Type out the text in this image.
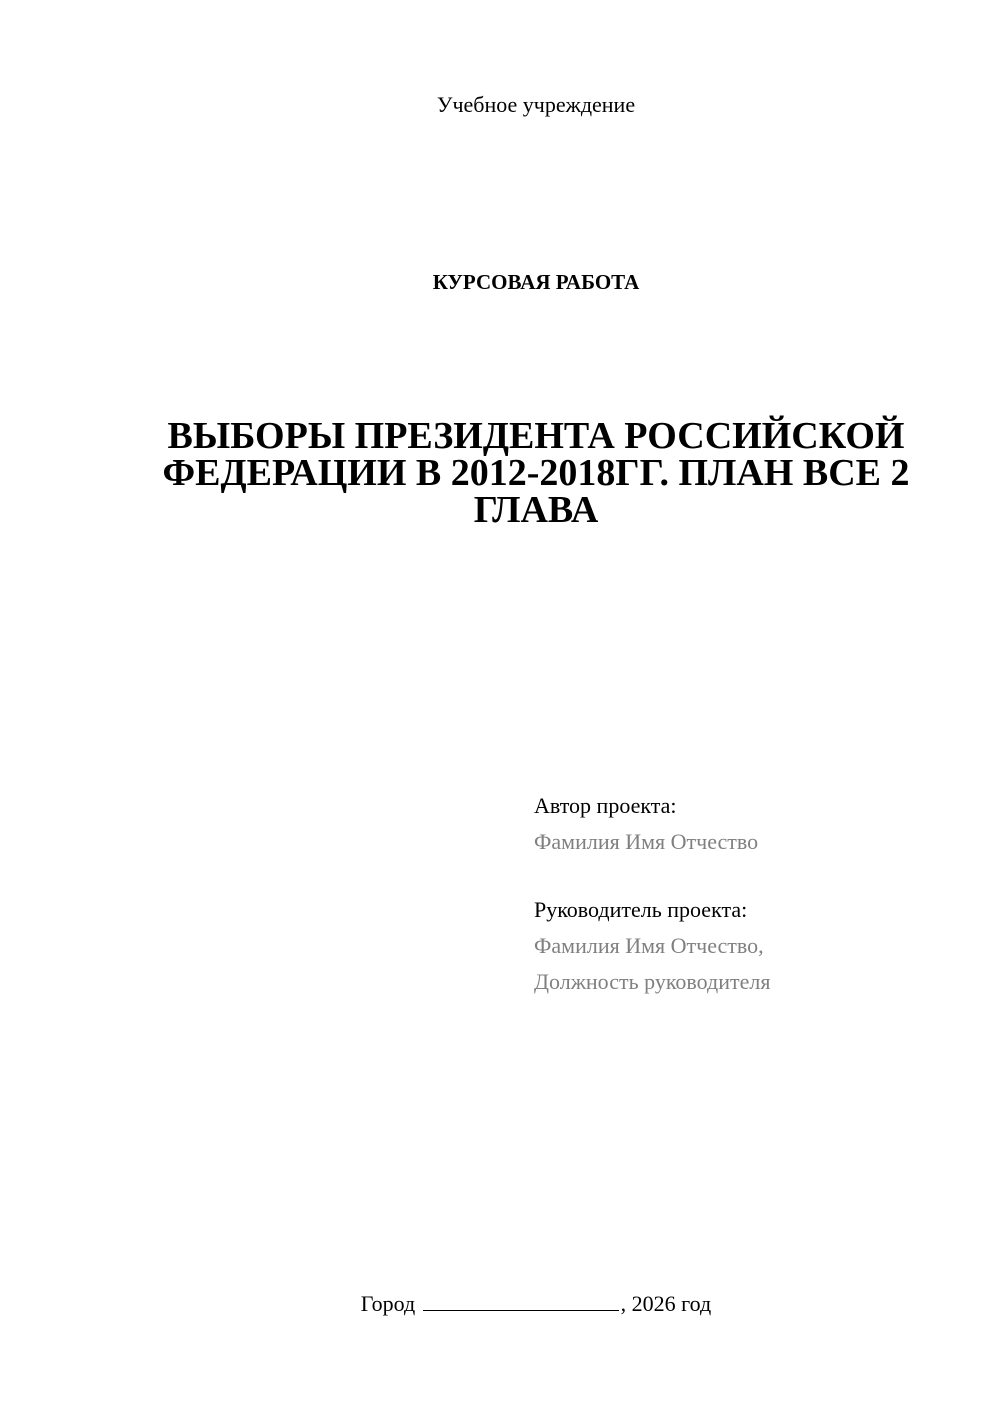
Учебное учреждение
КУРСОВАЯ РАБОТА
ВЫБОРЫ ПРЕЗИДЕНТА РОССИЙСКОЙ ФЕДЕРАЦИИ В 2012-2018ГГ. ПЛАН ВСЕ 2 ГЛАВА
Автор проекта:
Фамилия Имя Отчество
Руководитель проекта:
Фамилия Имя Отчество,
Должность руководителя
Город	, 2026 год
